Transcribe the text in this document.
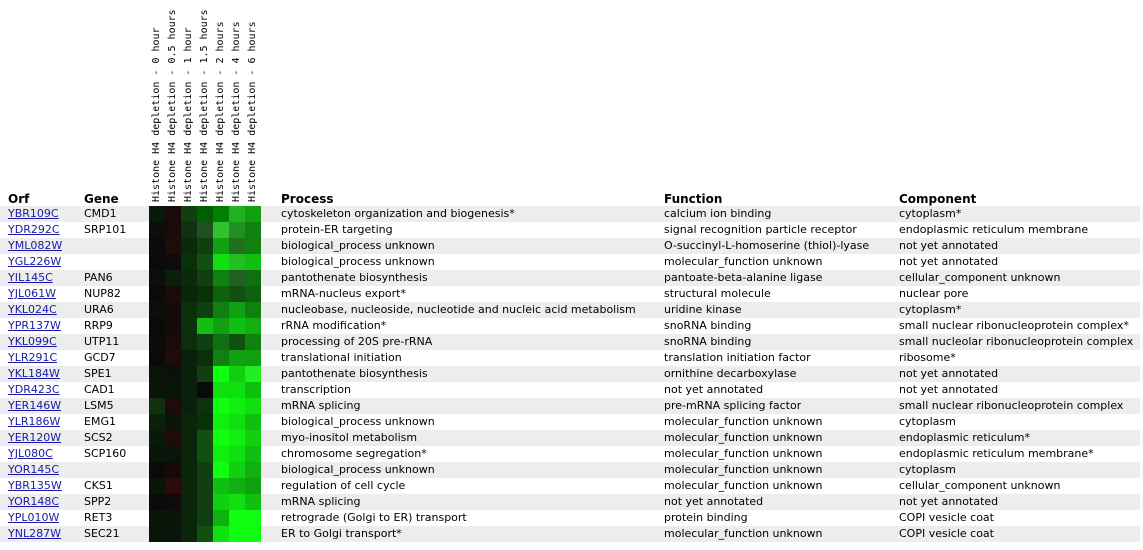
Histone H4 depletion - 0 hour Histone H4 depletion - 0.5 hours Histone H4 depletion - 1 hour Histone H4 depletion - 1.5 hours Histone H4 depletion - 2 hours Histone H4 depletion - 4 hours Histone H4 depletion - 6 hours
Orf	Gene	Process	Function	Component
YBR109C CMD1	cytoskeleton organization and biogenesis*	calcium ion binding	cytoplasm*
YDR292C SRP101	protein-ER targeting	signal recognition particle receptor	endoplasmic reticulum membrane
YML082W	biological_process unknown	O-succinyl-L-homoserine (thiol)-lyase	not yet annotated
YGL226W	biological_process unknown	molecular_function unknown	not yet annotated
YIL145C	PAN6	pantothenate biosynthesis	pantoate-beta-alanine ligase	cellular_component unknown
YJL061W	NUP82	mRNA-nucleus export*	structural molecule	nuclear pore
YKL024C URA6	nucleobase, nucleoside, nucleotide and nucleic acid metabolism	uridine kinase	cytoplasm*
YPR137W RRP9	rRNA modification*	snoRNA binding	small nuclear ribonucleoprotein complex*
YKL099C UTP11	processing of 20S pre-rRNA	snoRNA binding	small nucleolar ribonucleoprotein complex
YLR291C GCD7	translational initiation	translation initiation factor	ribosome*
YKL184W SPE1	pantothenate biosynthesis	ornithine decarboxylase	not yet annotated
YDR423C CAD1	transcription	not yet annotated	not yet annotated
YER146W LSM5	mRNA splicing	pre-mRNA splicing factor	small nuclear ribonucleoprotein complex
YLR186W EMG1	biological_process unknown	molecular_function unknown	cytoplasm
YER120W SCS2	myo-inositol metabolism	molecular_function unknown	endoplasmic reticulum*
YJL080C	SCP160	chromosome segregation*	molecular_function unknown	endoplasmic reticulum membrane*
YOR145C	biological_process unknown	molecular_function unknown	cytoplasm
YBR135W CKS1	regulation of cell cycle	molecular_function unknown	cellular_component unknown
YOR148C SPP2	mRNA splicing	not yet annotated	not yet annotated
YPL010W RET3	retrograde (Golgi to ER) transport	protein binding	COPI vesicle coat
YNL287W SEC21	ER to Golgi transport*	molecular_function unknown	COPI vesicle coat
